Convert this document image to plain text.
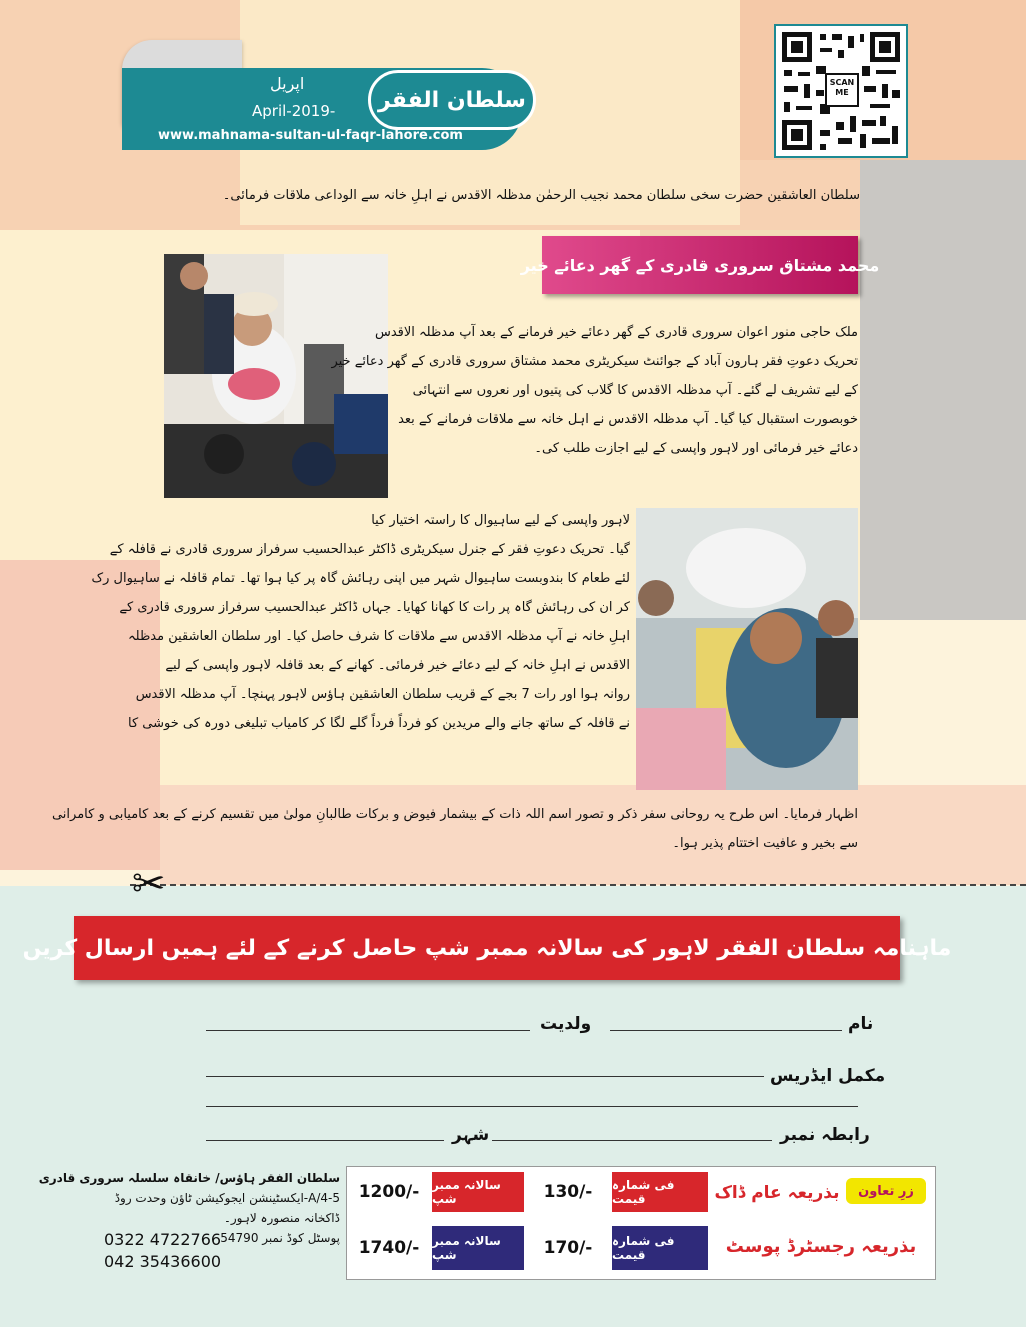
سلطان الفقر
اپریل
April-2019-
www.mahnama-sultan-ul-faqr-lahore.com
SCAN ME
سلطان العاشقین حضرت سخی سلطان محمد نجیب الرحمٰن مدظلہ الاقدس نے اہلِ خانہ سے الوداعی ملاقات فرمائی۔
محمد مشتاق سروری قادری کے گھر دعائے خیر
ملک حاجی منور اعوان سروری قادری کے گھر دعائے خیر فرمانے کے بعد آپ مدظلہ الاقدس
تحریک دعوتِ فقر ہارون آباد کے جوائنٹ سیکریٹری محمد مشتاق سروری قادری کے گھر دعائے خیر
کے لیے تشریف لے گئے۔ آپ مدظلہ الاقدس کا گلاب کی پتیوں اور نعروں سے انتہائی
خوبصورت استقبال کیا گیا۔ آپ مدظلہ الاقدس نے اہل خانہ سے ملاقات فرمانے کے بعد
دعائے خیر فرمائی اور لاہور واپسی کے لیے اجازت طلب کی۔
لاہور واپسی کے لیے ساہیوال کا راستہ اختیار کیا
گیا۔ تحریک دعوتِ فقر کے جنرل سیکریٹری ڈاکٹر عبدالحسیب سرفراز سروری قادری نے قافلہ کے
لئے طعام کا بندوبست ساہیوال شہر میں اپنی رہائش گاہ پر کیا ہوا تھا۔ تمام قافلہ نے ساہیوال رک
کر ان کی رہائش گاہ پر رات کا کھانا کھایا۔ جہاں ڈاکٹر عبدالحسیب سرفراز سروری قادری کے
اہلِ خانہ نے آپ مدظلہ الاقدس سے ملاقات کا شرف حاصل کیا۔ اور سلطان العاشقین مدظلہ
الاقدس نے اہلِ خانہ کے لیے دعائے خیر فرمائی۔ کھانے کے بعد قافلہ لاہور واپسی کے لیے
روانہ ہوا اور رات 7 بجے کے قریب سلطان العاشقین ہاؤس لاہور پہنچا۔ آپ مدظلہ الاقدس
نے قافلہ کے ساتھ جانے والے مریدین کو فرداً فرداً گلے لگا کر کامیاب تبلیغی دورہ کی خوشی کا
اظہار فرمایا۔ اس طرح یہ روحانی سفر ذکر و تصور اسم اللہ ذات کے بیشمار فیوض و برکات طالبانِ مولیٰ میں تقسیم کرنے کے بعد کامیابی و کامرانی
سے بخیر و عافیت اختتام پذیر ہوا۔
✂
ماہنامہ سلطان الفقر لاہور کی سالانہ ممبر شپ حاصل کرنے کے لئے ہمیں ارسال کریں
نام
ولدیت
مکمل ایڈریس
رابطہ نمبر
شہر
زرِ تعاون
بذریعہ عام ڈاک
فی شمارہ قیمت
130/-
سالانہ ممبر شپ
1200/-
بذریعہ رجسٹرڈ پوسٹ
فی شمارہ قیمت
170/-
سالانہ ممبر شپ
1740/-
سلطان الفقر ہاؤس/ خانقاہ سلسلہ سروری قادری
4-5/A-ایکسٹینشن ایجوکیشن ٹاؤن وحدت روڈ
ڈاکخانہ منصورہ لاہور۔
پوسٹل کوڈ نمبر 54790
0322 4722766
042 35436600
